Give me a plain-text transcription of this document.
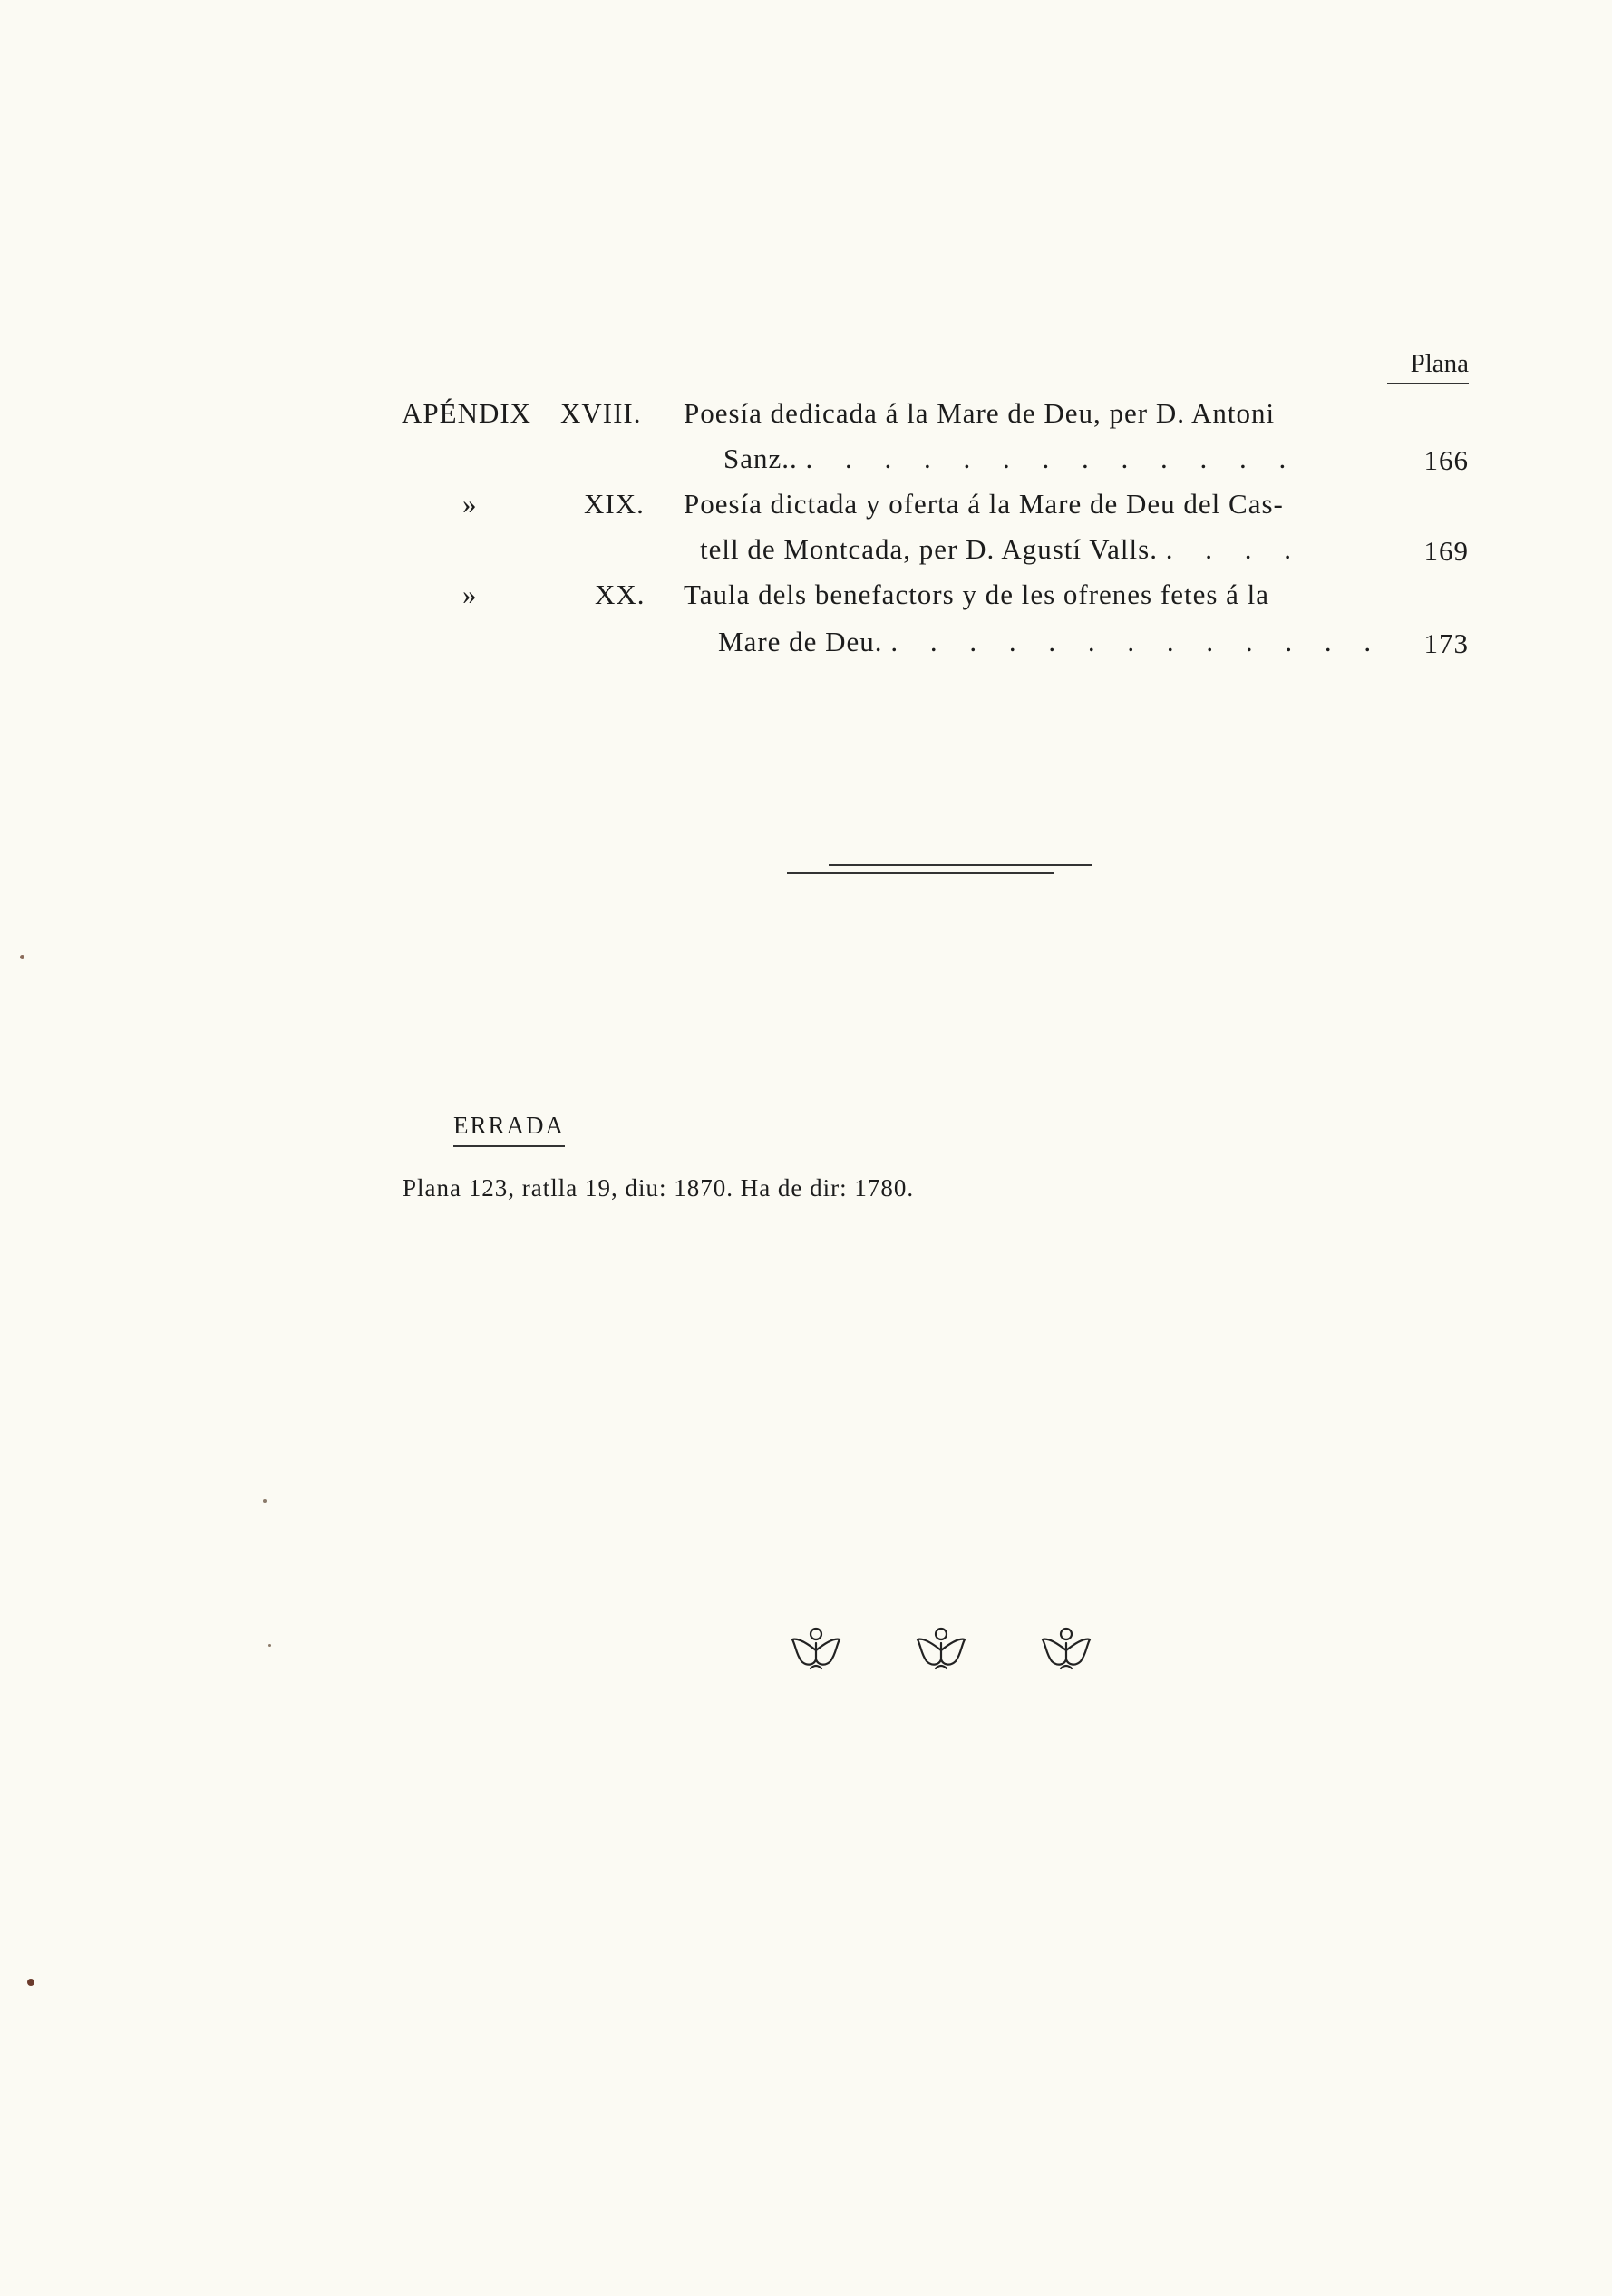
Plana
APÉNDIX XVIII. Poesía dedicada á la Mare de Deu, per D. Antoni
Sanz.. . . . . . . . . . . . . .	166
»	XIX. Poesía dictada y oferta á la Mare de Deu del Cas-
tell de Montcada, per D. Agustí Valls. . . . .	169
»	XX. Taula dels benefactors y de les ofrenes fetes á la
Mare de Deu. . . . . . . . . . . . . .	173
ERRADA
Plana 123, ratlla 19, diu: 1870. Ha de dir: 1780.
